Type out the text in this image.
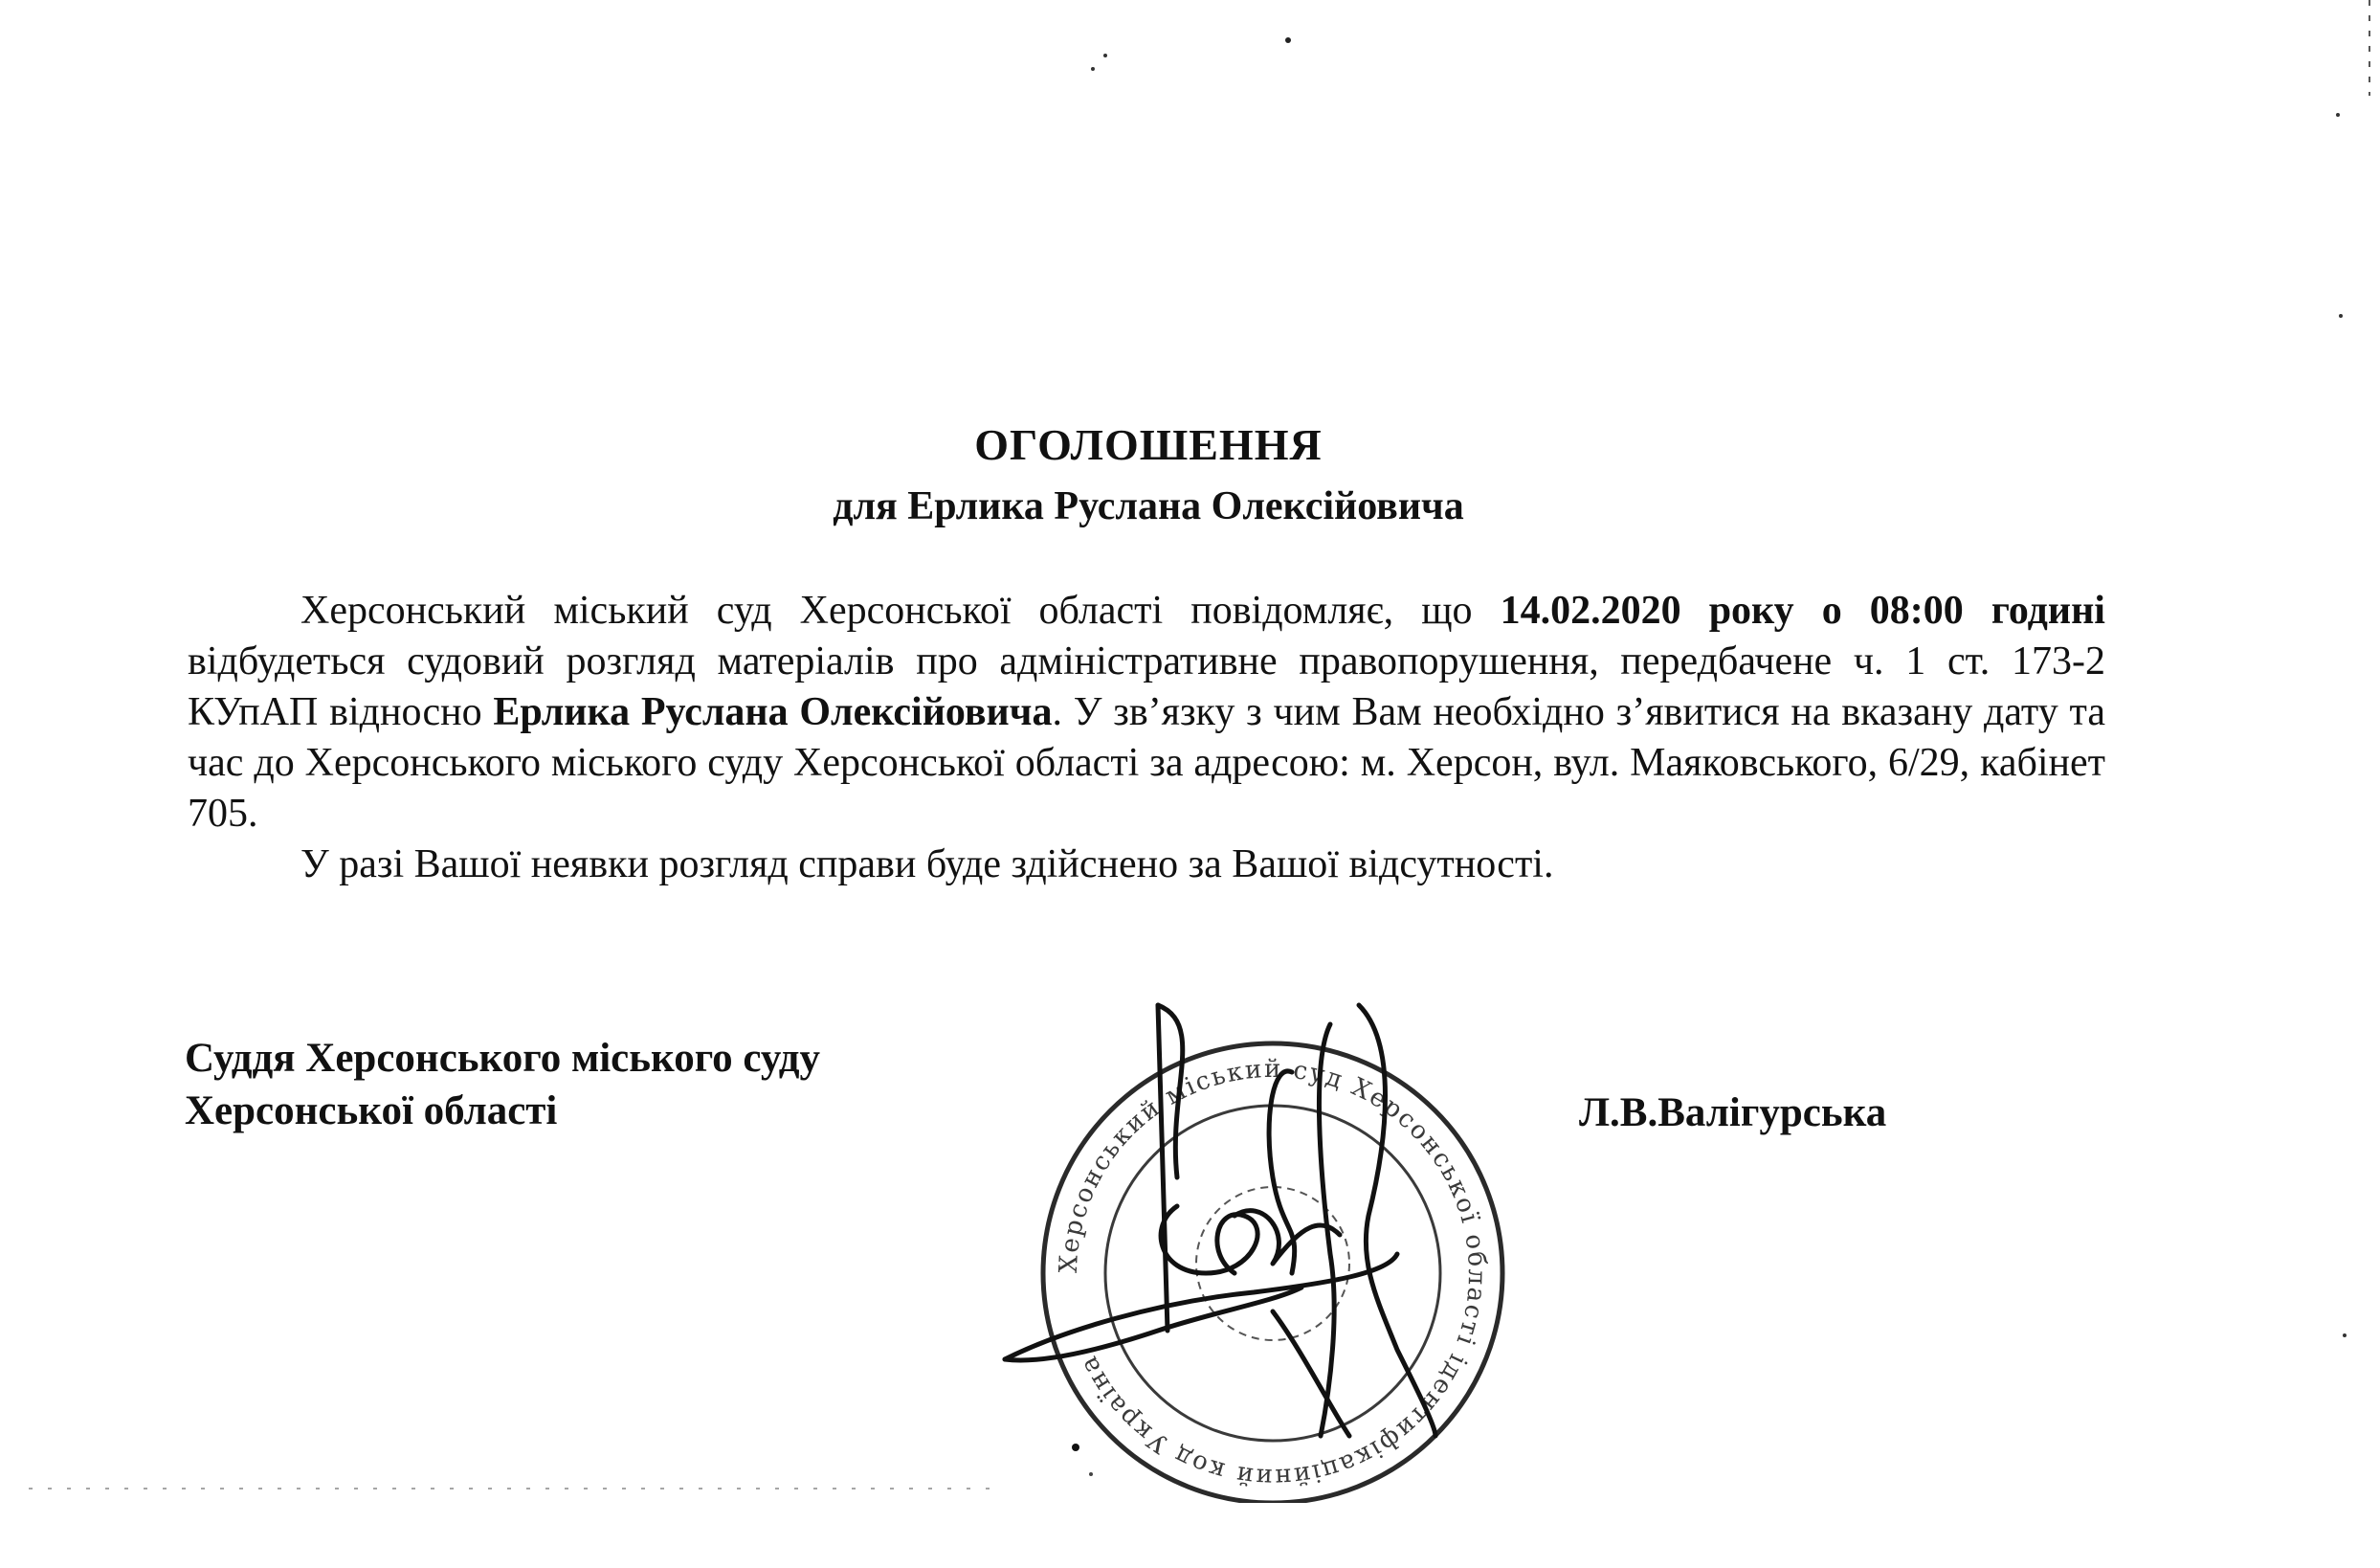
ОГОЛОШЕННЯ
для Ерлика Руслана Олексійовича

Херсонський міський суд Херсонської області повідомляє, що 14.02.2020 року о 08:00 годині відбудеться судовий розгляд матеріалів про адміністративне правопорушення, передбачене ч. 1 ст. 173-2 КУпАП відносно Ерлика Руслана Олексійовича. У зв’язку з чим Вам необхідно з’явитися на вказану дату та час до Херсонського міського суду Херсонської області за адресою: м. Херсон, вул. Маяковського, 6/29, кабінет 705.

У разі Вашої неявки розгляд справи буде здійснено за Вашої відсутності.

Суддя Херсонського міського суду
Херсонської області
Херсонський міський суд Херсонської області ідентифікаційний код Україна
Л.В.Валігурська
